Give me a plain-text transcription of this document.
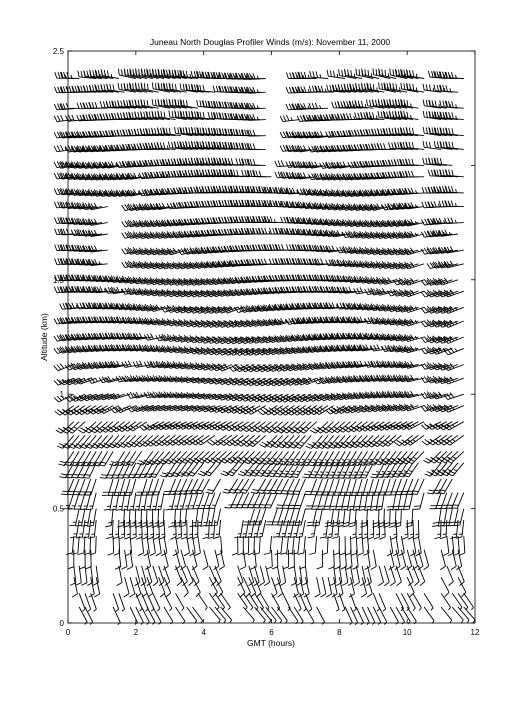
Juneau North Douglas Profiler Winds (m/s): November 11, 2000
0	2	4	6	8	10	12
0
0.5
1
1.5
2
2.5
GMT (hours)
Altitude (km)
